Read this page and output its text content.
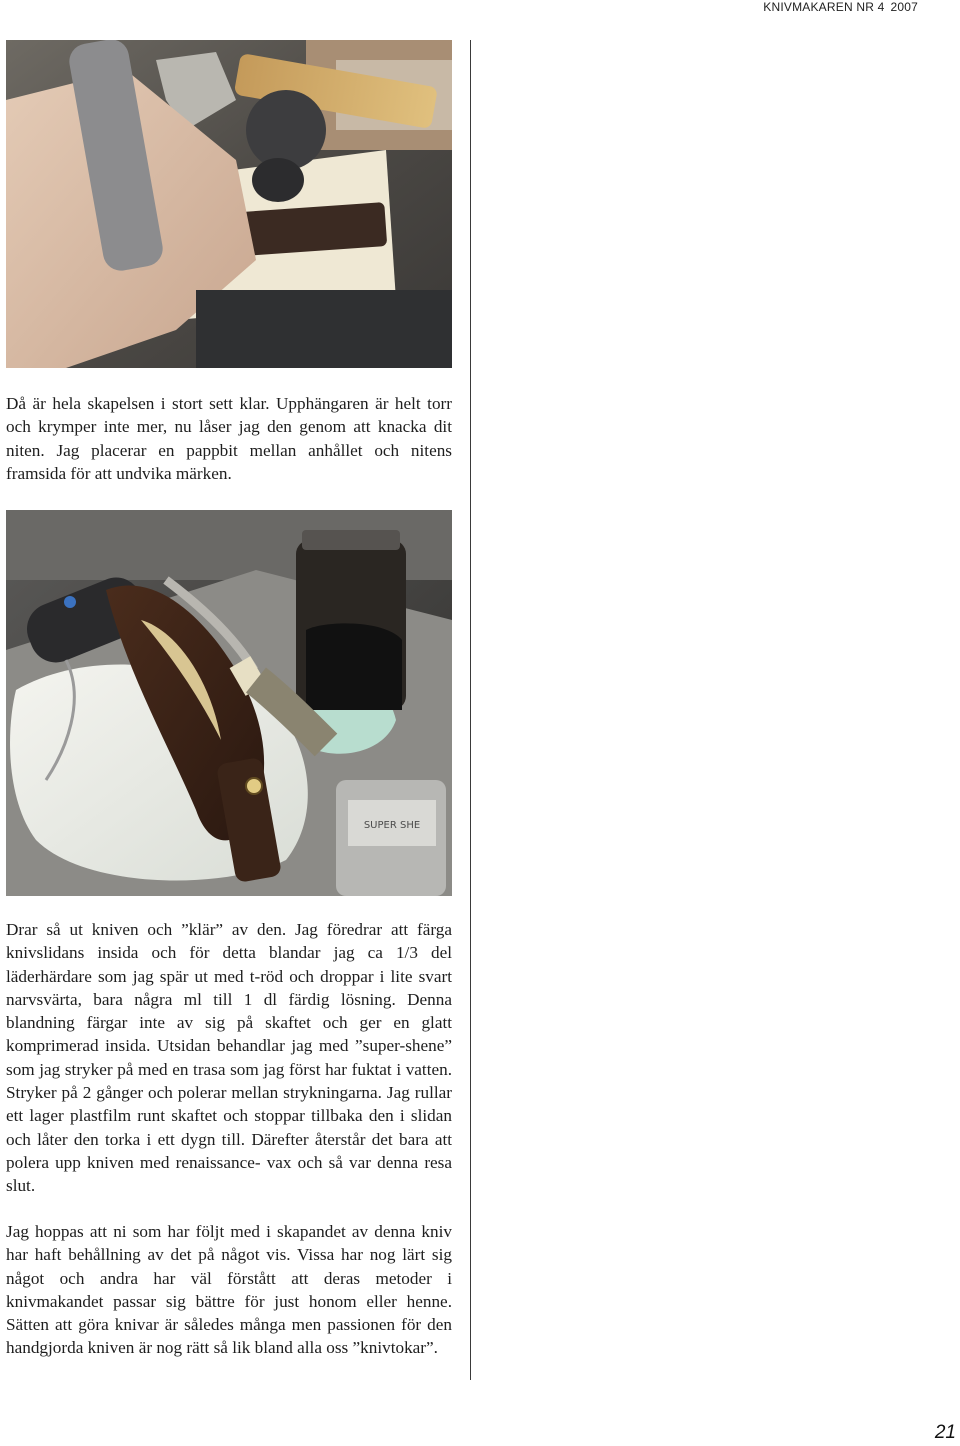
KNIVMAKAREN NR 4 2007

Då är hela skapelsen i stort sett klar. Upphängaren är helt torr och krymper inte mer, nu låser jag den genom att knacka dit niten. Jag placerar en pappbit mellan anhållet och nitens framsida för att undvika märken.

SUPER SHE

Drar så ut kniven och ”klär” av den. Jag föredrar att färga knivslidans insida och för detta blandar jag ca 1/3 del läderhärdare som jag spär ut med t-röd och droppar i lite svart narvsvärta, bara några ml till 1 dl färdig lösning. Denna blandning färgar inte av sig på skaftet och ger en glatt komprimerad insida. Utsidan behandlar jag med ”super-shene” som jag stryker på med en trasa som jag först har fuktat i vatten. Stryker på 2 gånger och polerar mellan strykningarna. Jag rullar ett lager plastfilm runt skaftet och stoppar tillbaka den i slidan och låter den torka i ett dygn till. Därefter återstår det bara att polera upp kniven med renaissance- vax och så var denna resa slut.

Jag hoppas att ni som har följt med i skapandet av denna kniv har haft behållning av det på något vis. Vissa har nog lärt sig något och andra har väl förstått att deras metoder i knivmakandet passar sig bättre för just honom eller henne. Sätten att göra knivar är således många men passionen för den handgjorda kniven är nog rätt så lik bland alla oss ”knivtokar”.

21
